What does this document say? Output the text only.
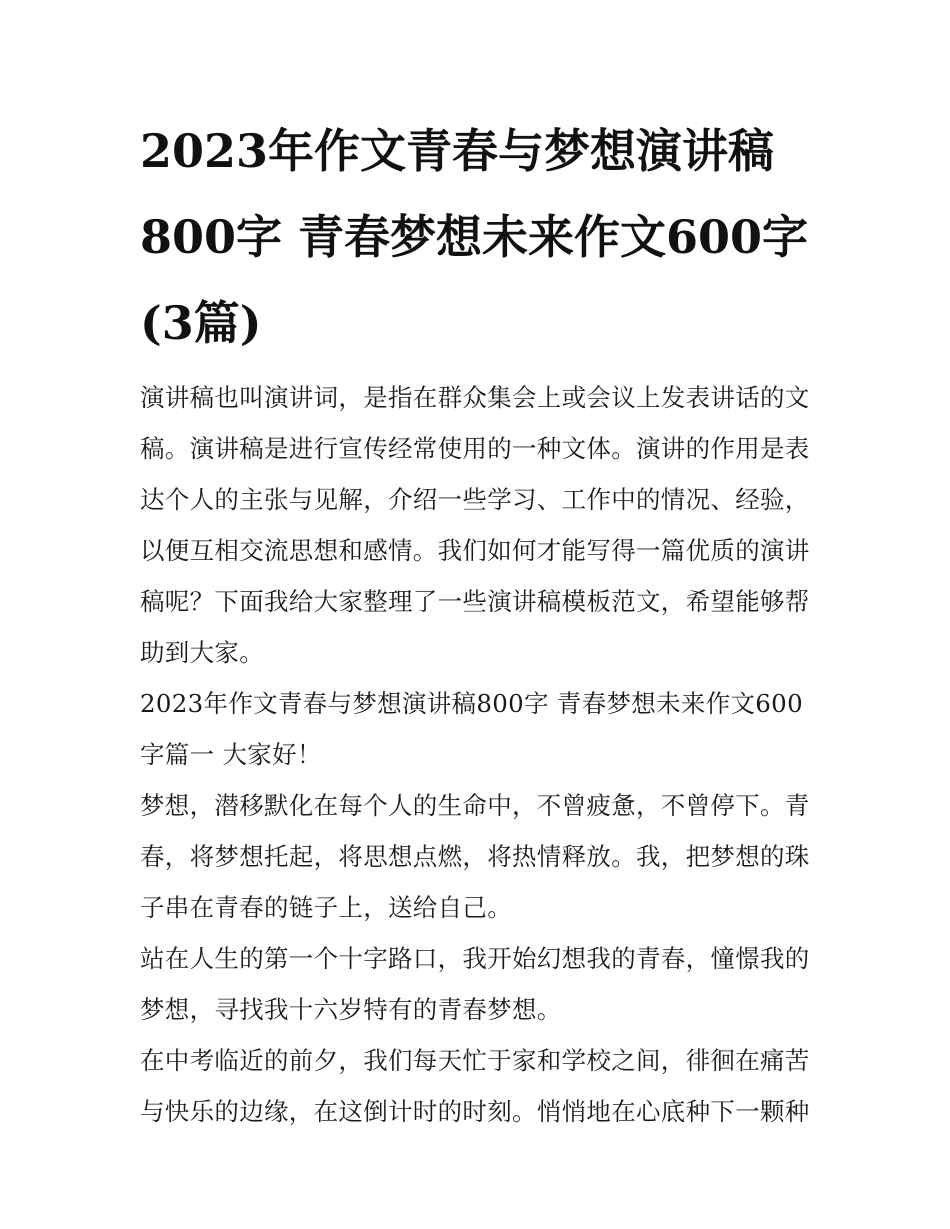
2023年作文青春与梦想演讲稿800字 青春梦想未来作文600字(3篇)

演讲稿也叫演讲词，是指在群众集会上或会议上发表讲话的文稿。演讲稿是进行宣传经常使用的一种文体。演讲的作用是表达个人的主张与见解，介绍一些学习、工作中的情况、经验，以便互相交流思想和感情。我们如何才能写得一篇优质的演讲稿呢？下面我给大家整理了一些演讲稿模板范文，希望能够帮助到大家。

2023年作文青春与梦想演讲稿800字 青春梦想未来作文600字篇一 大家好！

梦想，潜移默化在每个人的生命中，不曾疲惫，不曾停下。青春，将梦想托起，将思想点燃，将热情释放。我，把梦想的珠子串在青春的链子上，送给自己。

站在人生的第一个十字路口，我开始幻想我的青春，憧憬我的梦想，寻找我十六岁特有的青春梦想。

在中考临近的前夕，我们每天忙于家和学校之间，徘徊在痛苦与快乐的边缘，在这倒计时的时刻。悄悄地在心底种下一颗种
